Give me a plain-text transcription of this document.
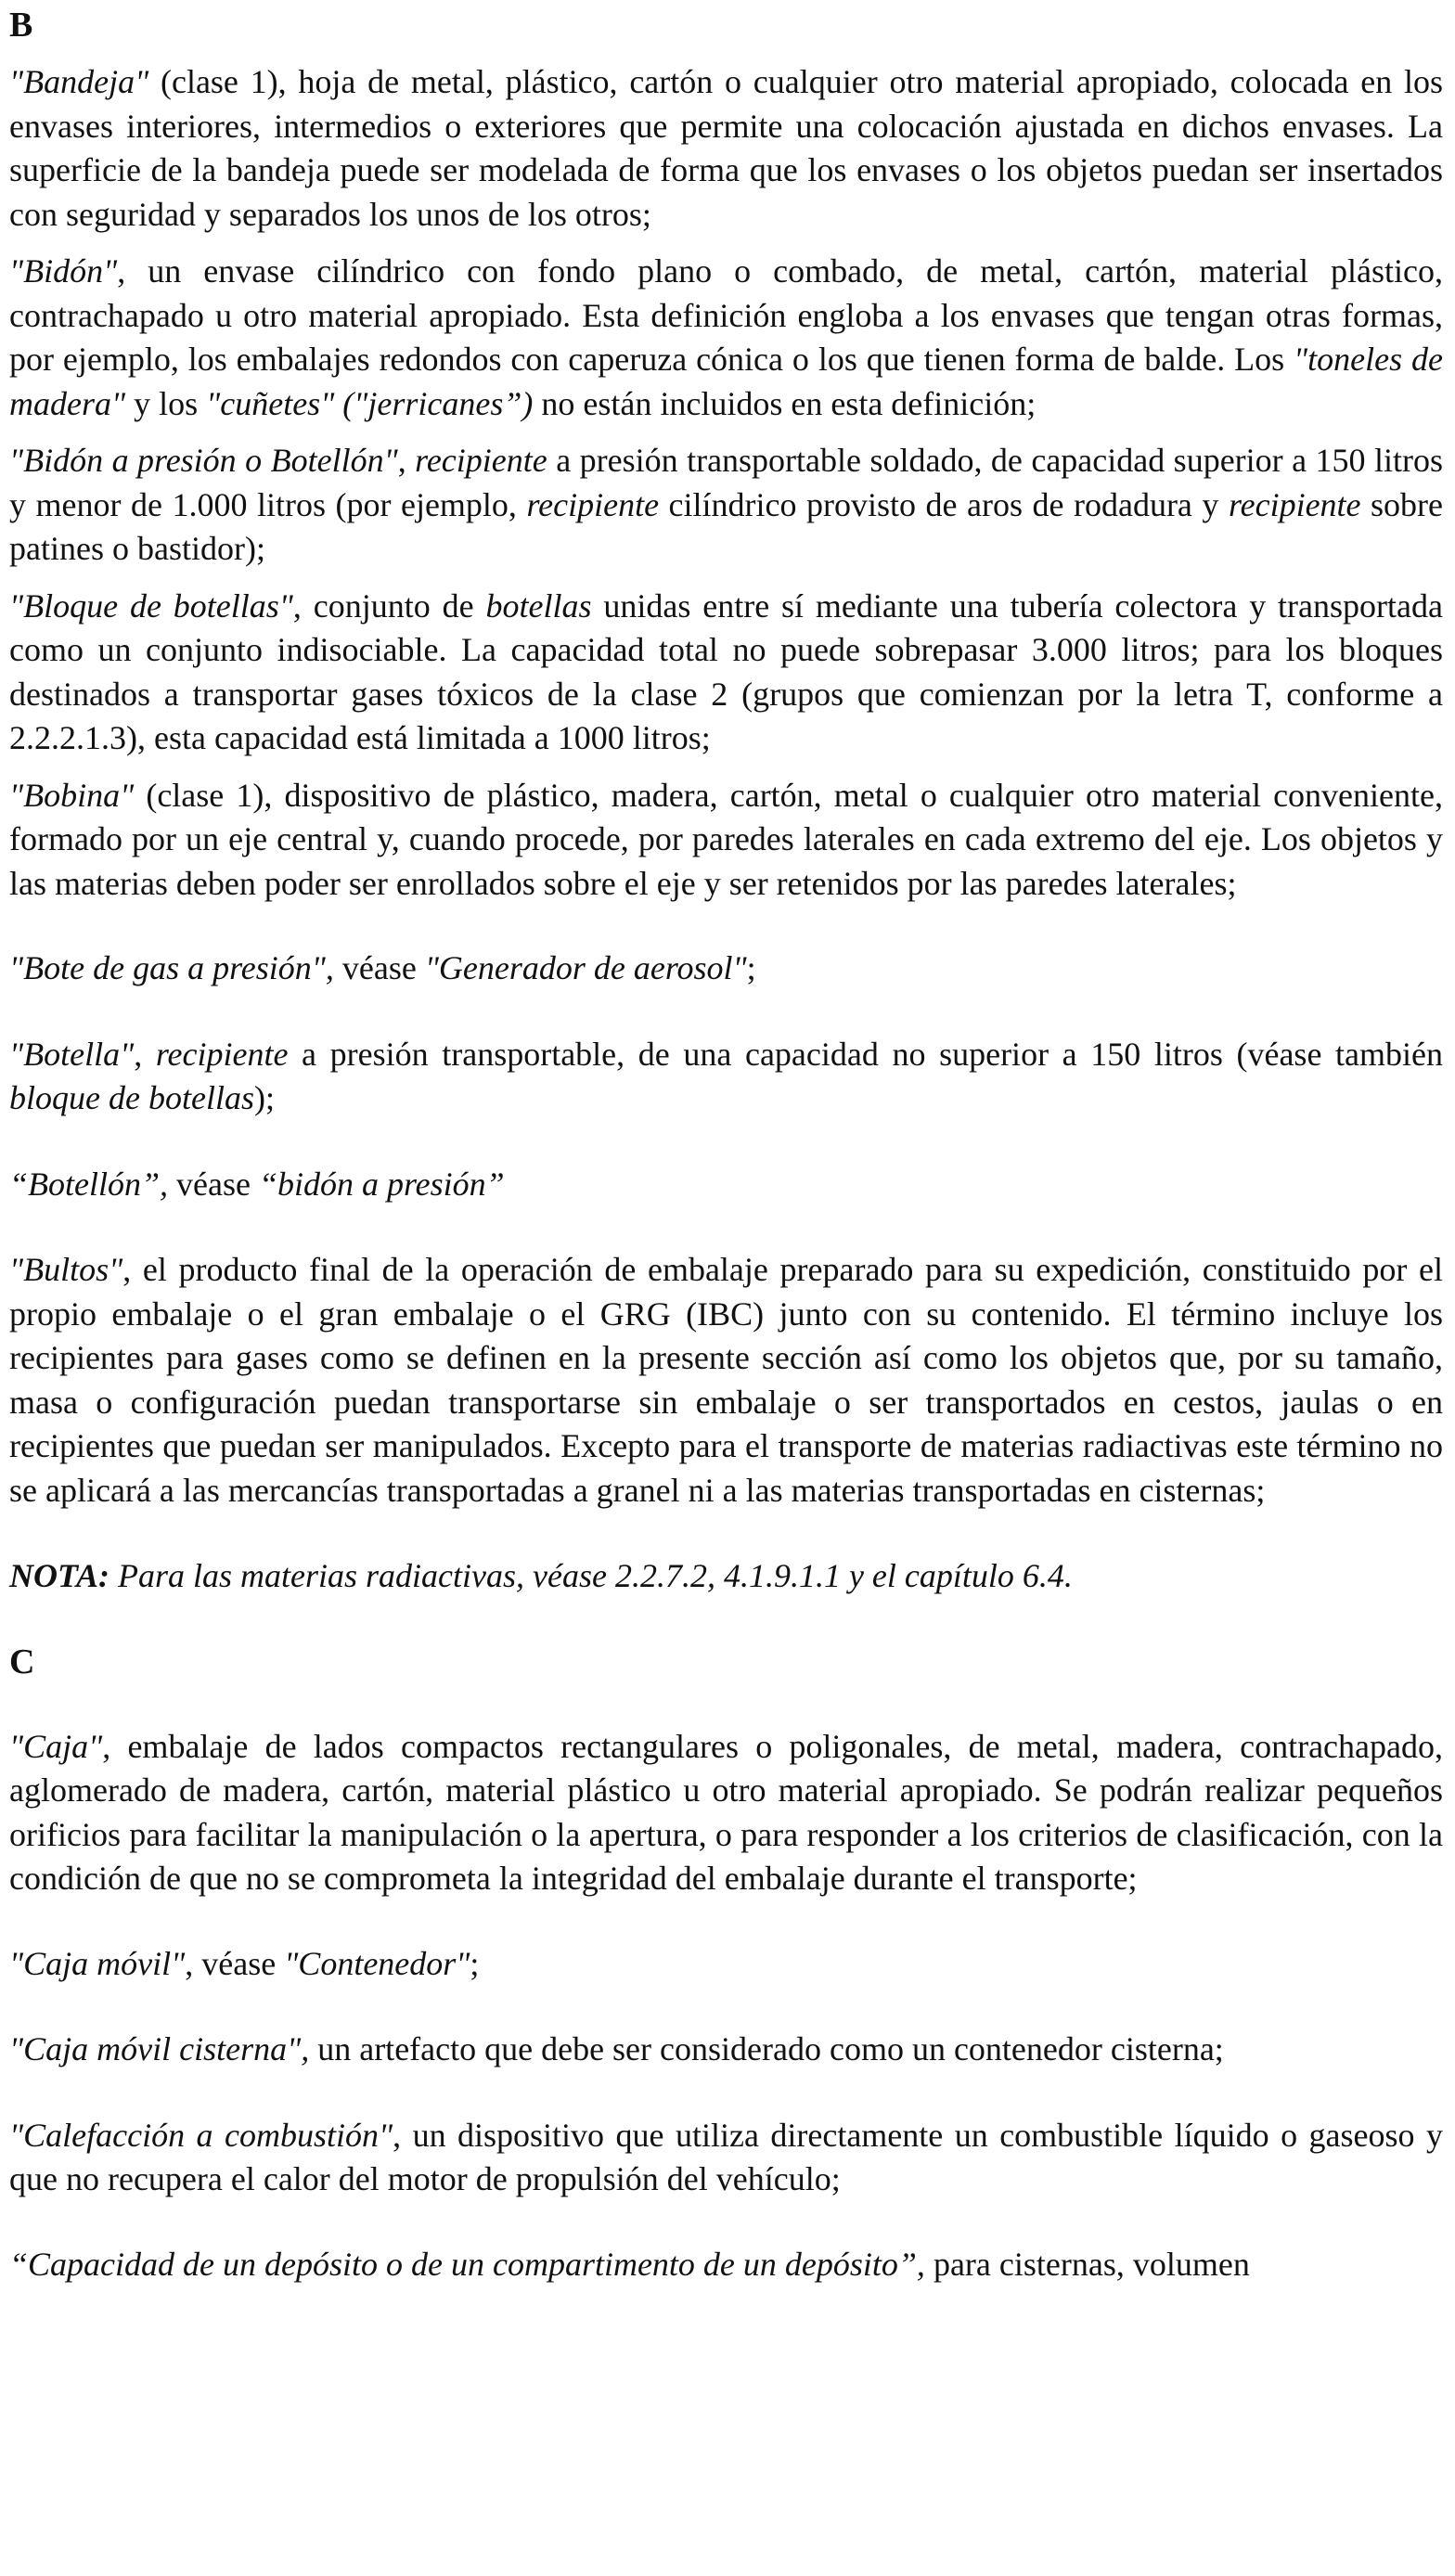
B

"Bandeja" (clase 1), hoja de metal, plástico, cartón o cualquier otro material apropiado, colocada en los envases interiores, intermedios o exteriores que permite una colocación ajustada en dichos envases. La superficie de la bandeja puede ser modelada de forma que los envases o los objetos puedan ser insertados con seguridad y separados los unos de los otros;

"Bidón", un envase cilíndrico con fondo plano o combado, de metal, cartón, material plástico, contrachapado u otro material apropiado. Esta definición engloba a los envases que tengan otras formas, por ejemplo, los embalajes redondos con caperuza cónica o los que tienen forma de balde. Los "toneles de madera" y los "cuñetes" ("jerricanes”) no están incluidos en esta definición;

"Bidón a presión o Botellón", recipiente a presión transportable soldado, de capacidad superior a 150 litros y menor de 1.000 litros (por ejemplo, recipiente cilíndrico provisto de aros de rodadura y recipiente sobre patines o bastidor);

"Bloque de botellas", conjunto de botellas unidas entre sí mediante una tubería colectora y transportada como un conjunto indisociable. La capacidad total no puede sobrepasar 3.000 litros; para los bloques destinados a transportar gases tóxicos de la clase 2 (grupos que comienzan por la letra T, conforme a 2.2.2.1.3), esta capacidad está limitada a 1000 litros;

"Bobina" (clase 1), dispositivo de plástico, madera, cartón, metal o cualquier otro material conveniente, formado por un eje central y, cuando procede, por paredes laterales en cada extremo del eje. Los objetos y las materias deben poder ser enrollados sobre el eje y ser retenidos por las paredes laterales;

"Bote de gas a presión", véase "Generador de aerosol";

"Botella", recipiente a presión transportable, de una capacidad no superior a 150 litros (véase también bloque de botellas);

“Botellón”, véase “bidón a presión”

"Bultos", el producto final de la operación de embalaje preparado para su expedición, constituido por el propio embalaje o el gran embalaje o el GRG (IBC) junto con su contenido. El término incluye los recipientes para gases como se definen en la presente sección así como los objetos que, por su tamaño, masa o configuración puedan transportarse sin embalaje o ser transportados en cestos, jaulas o en recipientes que puedan ser manipulados. Excepto para el transporte de materias radiactivas este término no se aplicará a las mercancías transportadas a granel ni a las materias transportadas en cisternas;

NOTA: Para las materias radiactivas, véase 2.2.7.2, 4.1.9.1.1 y el capítulo 6.4.

C

"Caja", embalaje de lados compactos rectangulares o poligonales, de metal, madera, contrachapado, aglomerado de madera, cartón, material plástico u otro material apropiado. Se podrán realizar pequeños orificios para facilitar la manipulación o la apertura, o para responder a los criterios de clasificación, con la condición de que no se comprometa la integridad del embalaje durante el transporte;

"Caja móvil", véase "Contenedor";

"Caja móvil cisterna", un artefacto que debe ser considerado como un contenedor cisterna;

"Calefacción a combustión", un dispositivo que utiliza directamente un combustible líquido o gaseoso y que no recupera el calor del motor de propulsión del vehículo;

“Capacidad de un depósito o de un compartimento de un depósito”, para cisternas, volumen
